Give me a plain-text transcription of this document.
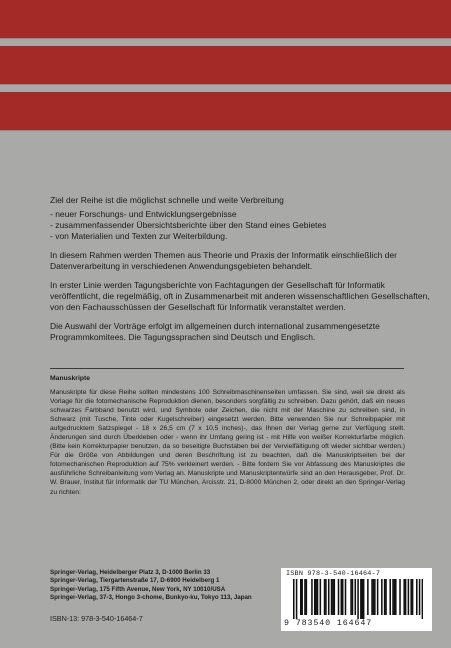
Ziel der Reihe ist die möglichst schnelle und weite Verbreitung

- neuer Forschungs- und Entwicklungsergebnisse
- zusammenfassender Übersichtsberichte über den Stand eines Gebietes
- von Materialien und Texten zur Weiterbildung.

In diesem Rahmen werden Themen aus Theorie und Praxis der Informatik einschließlich der Datenverarbeitung in verschiedenen Anwendungsgebieten behandelt.

In erster Linie werden Tagungsberichte von Fachtagungen der Gesellschaft für Informatik veröffentlicht, die regelmäßig, oft in Zusammenarbeit mit anderen wissenschaftlichen Gesellschaften, von den Fachausschüssen der Gesellschaft für Informatik veranstaltet werden.

Die Auswahl der Vorträge erfolgt im allgemeinen durch international zusammengesetzte Programmkomitees. Die Tagungssprachen sind Deutsch und Englisch.

Manuskripte

Manuskripte für diese Reihe sollten mindestens 100 Schreibmaschinenseiten umfassen. Sie sind, weil sie direkt als Vorlage für die fotomechanische Reproduktion dienen, besonders sorgfältig zu schreiben. Dazu gehört, daß ein neues schwarzes Farbband benutzt wird, und Symbole oder Zeichen, die nicht mit der Maschine zu schreiben sind, in Schwarz (mit Tusche, Tinte oder Kugelschreiber) eingesetzt werden. Bitte verwenden Sie nur Schreibpapier mit aufgedrucktem Satzspiegel - 18 x 26,5 cm (7 x 10,5 inches)-, das Ihnen der Verlag gerne zur Verfügung stellt. Änderungen sind durch Überkleben oder - wenn ihr Umfang gering ist - mit Hilfe von weißer Korrekturfarbe möglich. (Bitte kein Korrekturpapier benutzen, da so beseitigte Buchstaben bei der Vervielfältigung oft wieder sichtbar werden.) Für die Größe von Abbildungen und deren Beschriftung ist zu beachten, daß die Manuskriptseiten bei der fotomechanischen Reproduktion auf 75% verkleinert werden. - Bitte fordern Sie vor Abfassung des Manuskriptes die ausführliche Schreibanleitung vom Verlag an. Manuskripte und Manuskriptentwürfe sind an den Herausgeber, Prof. Dr. W. Brauer, Institut für Informatik der TU München, Arcisstr. 21, D-8000 München 2, oder direkt an den Springer-Verlag zu richten:

Springer-Verlag, Heidelberger Platz 3, D-1000 Berlin 33
Springer-Verlag, Tiergartenstraße 17, D-6900 Heidelberg 1
Springer-Verlag, 175 Fifth Avenue, New York, NY 10010/USA
Springer-Verlag, 37-3, Hongo 3-chome, Bunkyo-ku, Tokyo 113, Japan
ISBN-13: 978-3-540-16464-7
ISBN 978-3-540-16464-7
9 783540 164647
